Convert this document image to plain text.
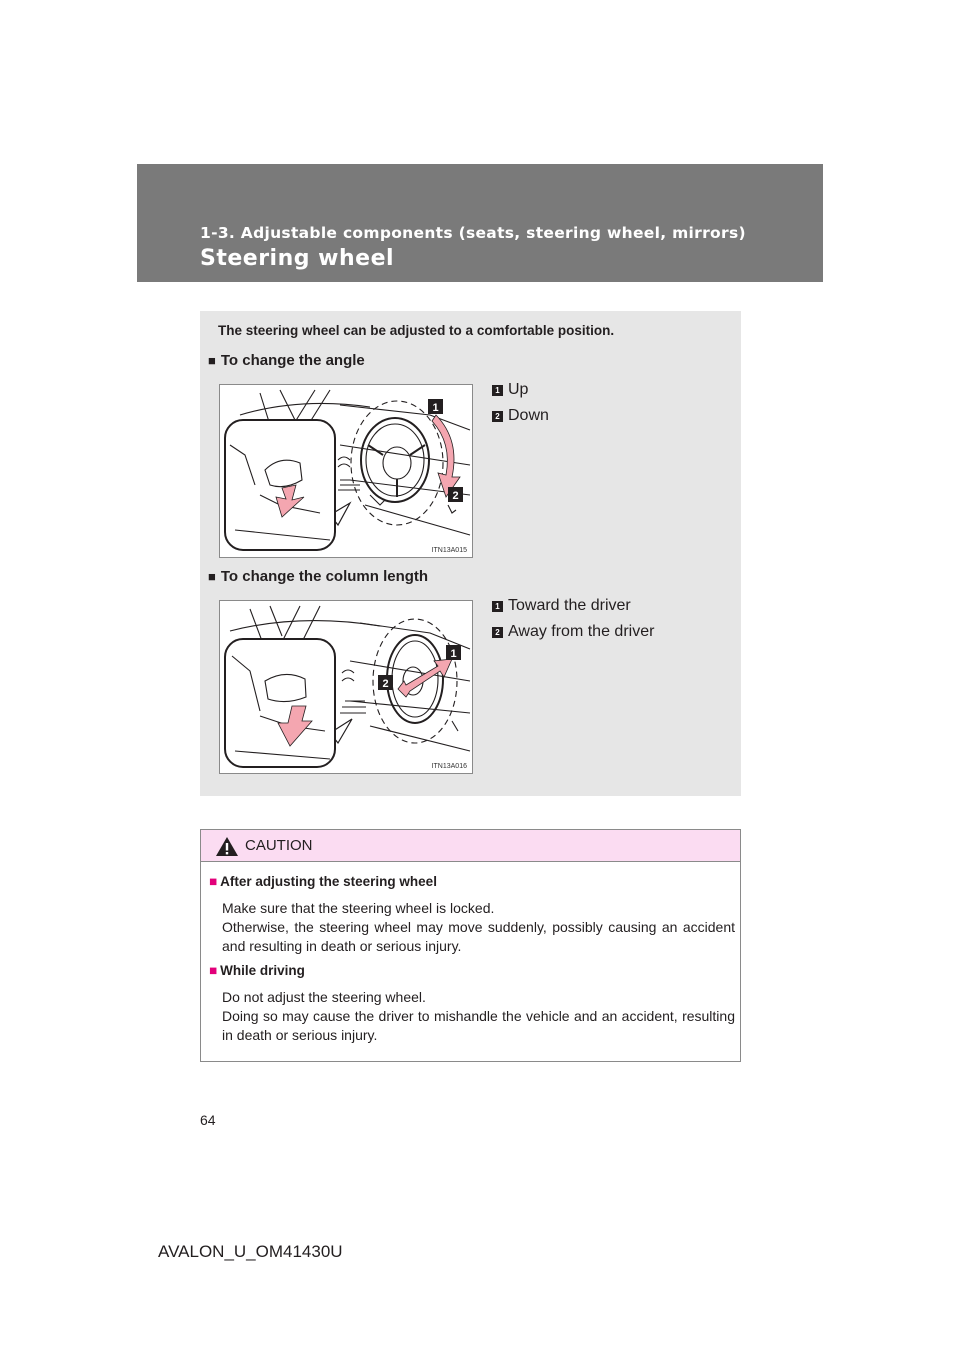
1-3. Adjustable components (seats, steering wheel, mirrors)
Steering wheel
The steering wheel can be adjusted to a comfortable position.
■ To change the angle
1
2
ITN13A015
1 Up
2 Down
■ To change the column length
1
2
ITN13A016
1 Toward the driver
2 Away from the driver
CAUTION
■ After adjusting the steering wheel

Make sure that the steering wheel is locked.

Otherwise, the steering wheel may move suddenly, possibly causing an accident and resulting in death or serious injury.

■ While driving

Do not adjust the steering wheel.

Doing so may cause the driver to mishandle the vehicle and an accident, resulting in death or serious injury.

64
AVALON_U_OM41430U
